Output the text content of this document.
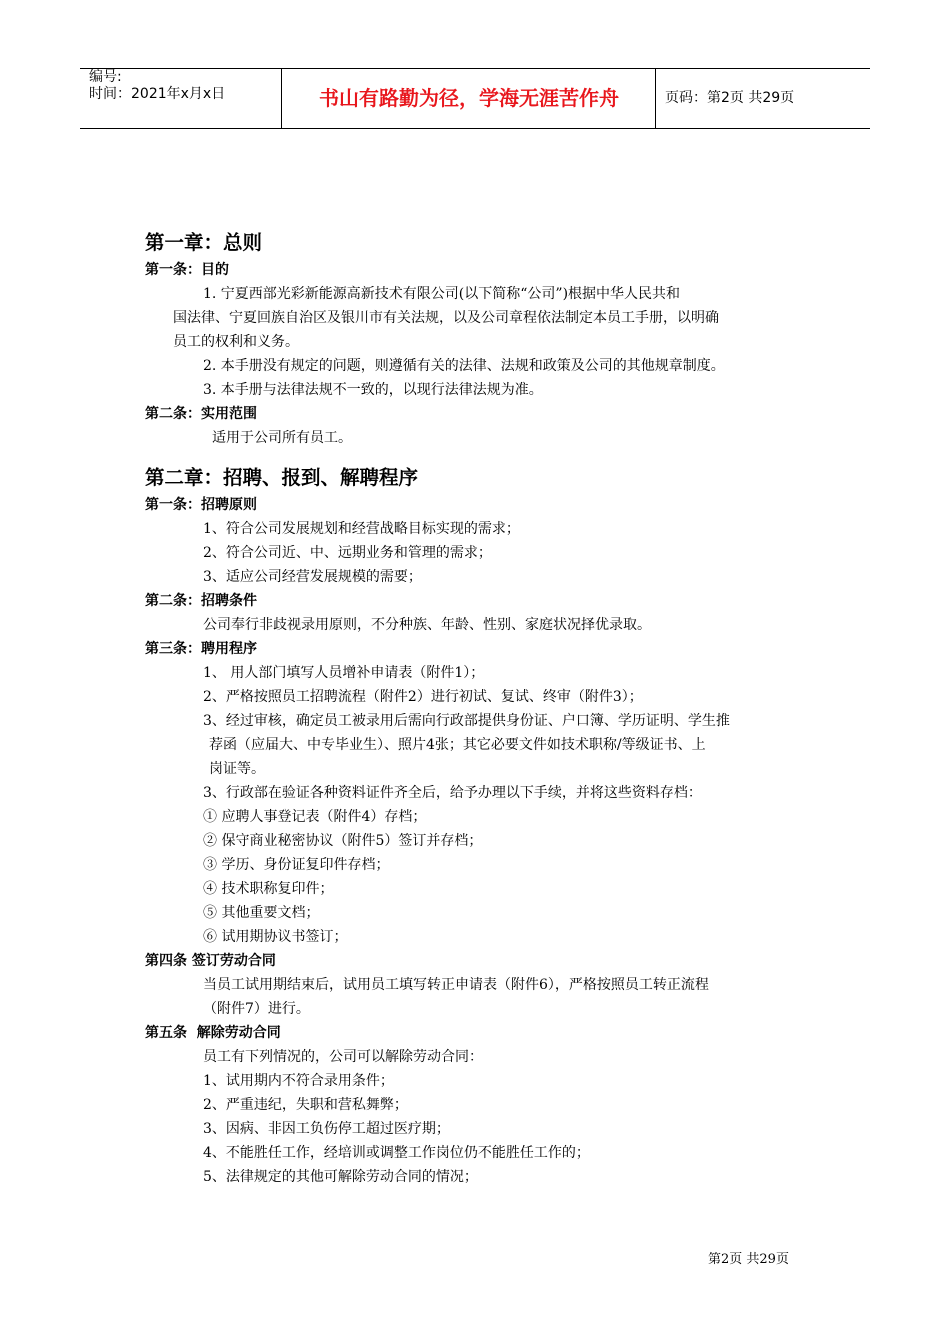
编号:
时间：2021年x月x日	书山有路勤为径，学海无涯苦作舟	页码：第2页 共29页
第一章：总则
第一条：目的
1. 宁夏西部光彩新能源高新技术有限公司(以下简称“公司”)根据中华人民共和
国法律、宁夏回族自治区及银川市有关法规，以及公司章程依法制定本员工手册，以明确
员工的权利和义务。
2. 本手册没有规定的问题，则遵循有关的法律、法规和政策及公司的其他规章制度。
3. 本手册与法律法规不一致的，以现行法律法规为准。
第二条：实用范围
适用于公司所有员工。
第二章：招聘、报到、解聘程序
第一条：招聘原则
1、符合公司发展规划和经营战略目标实现的需求；
2、符合公司近、中、远期业务和管理的需求；
3、适应公司经营发展规模的需要；
第二条：招聘条件
公司奉行非歧视录用原则，不分种族、年龄、性别、家庭状况择优录取。
第三条：聘用程序
1、 用人部门填写人员增补申请表（附件1）；
2、严格按照员工招聘流程（附件2）进行初试、复试、终审（附件3）；
3、经过审核，确定员工被录用后需向行政部提供身份证、户口簿、学历证明、学生推
荐函（应届大、中专毕业生）、照片4张；其它必要文件如技术职称/等级证书、上
岗证等。
3、行政部在验证各种资料证件齐全后，给予办理以下手续，并将这些资料存档：
① 应聘人事登记表（附件4）存档；
② 保守商业秘密协议（附件5）签订并存档；
③ 学历、身份证复印件存档；
④ 技术职称复印件；
⑤ 其他重要文档；
⑥ 试用期协议书签订；
第四条 签订劳动合同
当员工试用期结束后，试用员工填写转正申请表（附件6），严格按照员工转正流程
（附件7）进行。
第五条  解除劳动合同
员工有下列情况的，公司可以解除劳动合同：
1、试用期内不符合录用条件；
2、严重违纪，失职和营私舞弊；
3、因病、非因工负伤停工超过医疗期；
4、不能胜任工作，经培训或调整工作岗位仍不能胜任工作的；
5、法律规定的其他可解除劳动合同的情况；
第2页 共29页
